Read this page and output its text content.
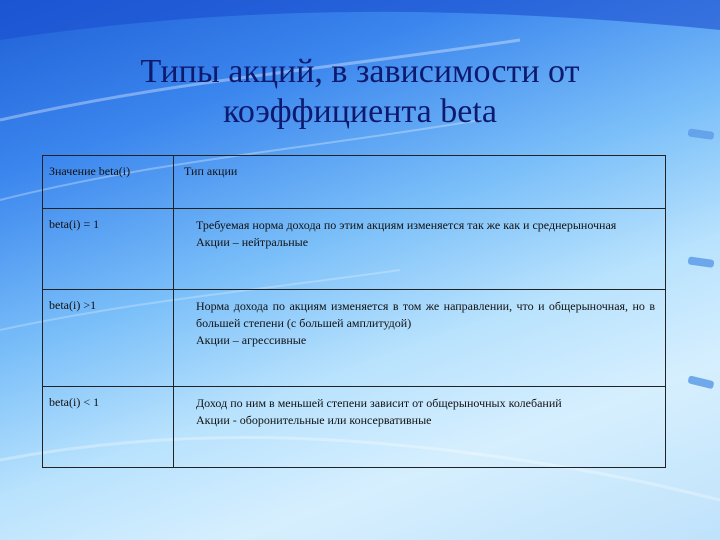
Типы акций, в зависимости от
коэффициента beta
Значение beta(i)	Тип акции
beta(i) = 1	Требуемая норма дохода по этим акциям изменяется так же как и среднерыночная
Акции – нейтральные

beta(i) >1	Норма дохода по акциям изменяется в том же направлении, что и общерыночная, но в большей степени (с большей амплитудой)
Акции – агрессивные

beta(i) < 1	Доход по ним в меньшей степени зависит от общерыночных колебаний
Акции - оборонительные или консервативные
